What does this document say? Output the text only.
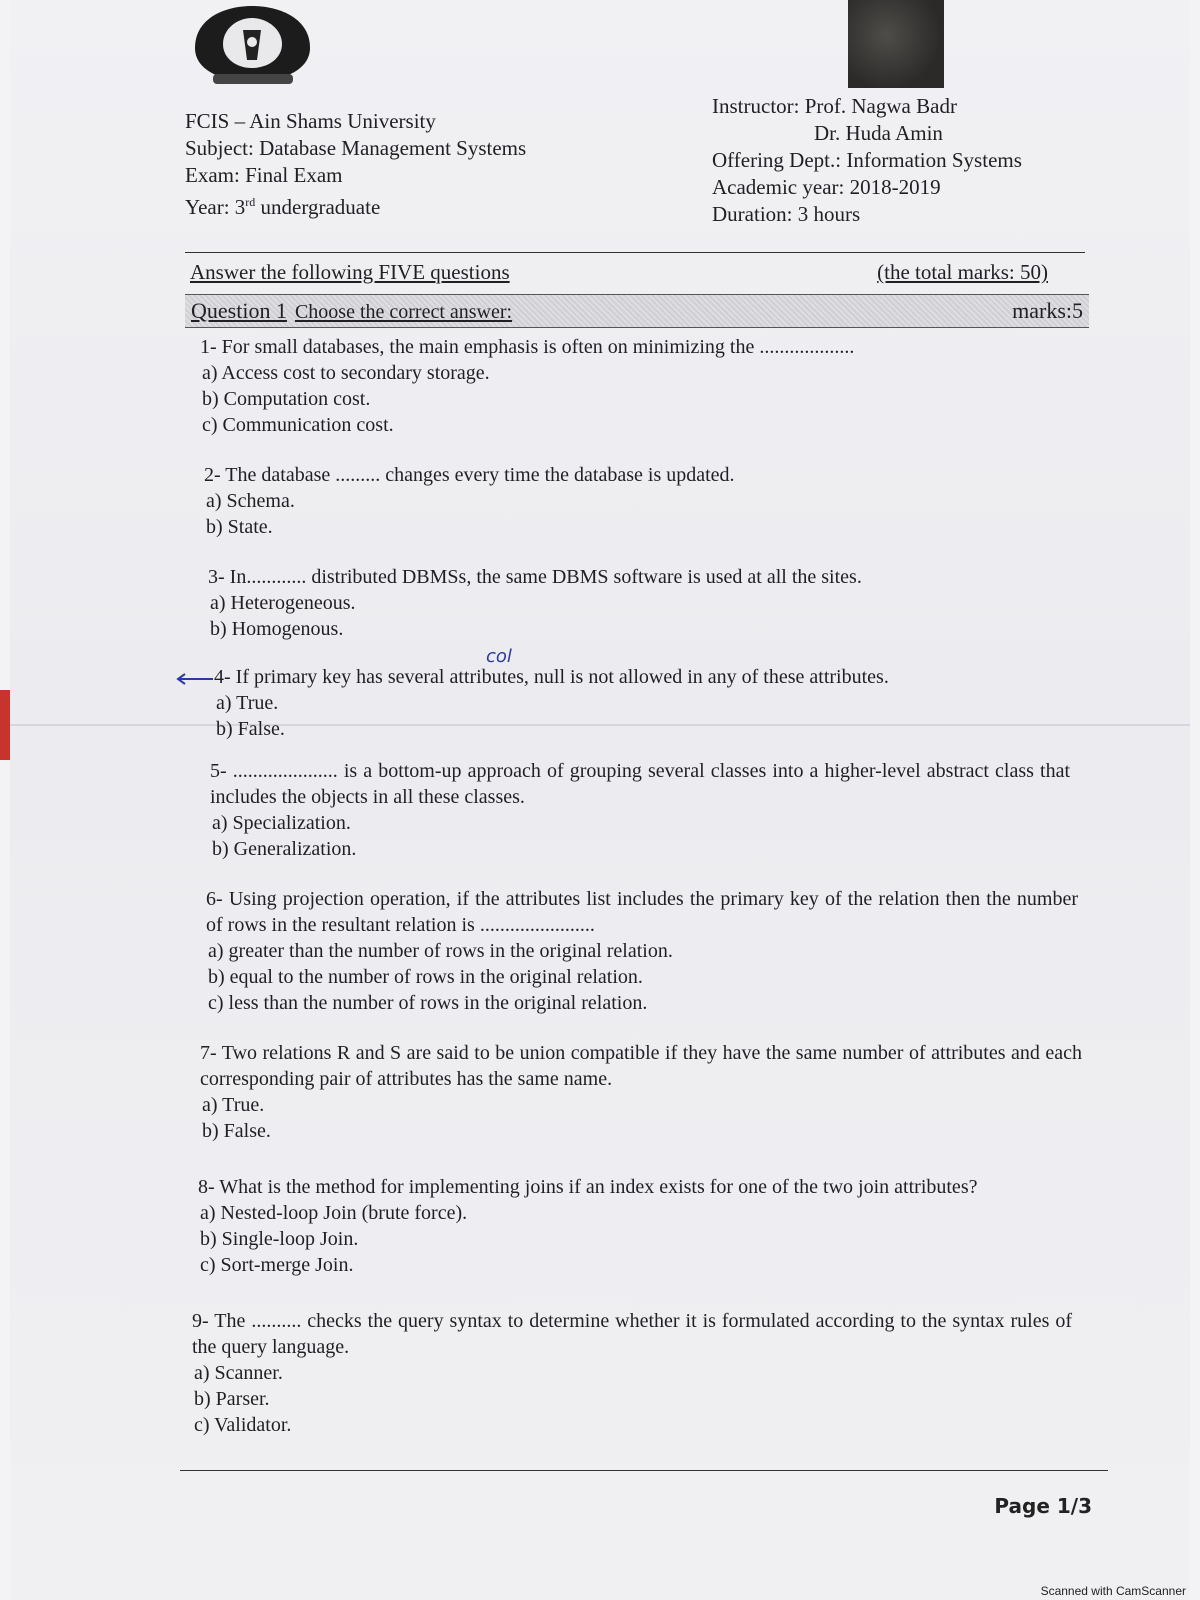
FCIS – Ain Shams University
Subject: Database Management Systems
Exam: Final Exam
Year: 3rd undergraduate
Instructor: Prof. Nagwa Badr
Dr. Huda Amin
Offering Dept.: Information Systems
Academic year: 2018-2019
Duration: 3 hours
Answer the following FIVE questions	(the total marks: 50)
Question 1 Choose the correct answer:	marks:5
1- For small databases, the main emphasis is often on minimizing the ...................
a) Access cost to secondary storage.
b) Computation cost.
c) Communication cost.
2- The database ......... changes every time the database is updated.
a) Schema.
b) State.
3- In............ distributed DBMSs, the same DBMS software is used at all the sites.
a) Heterogeneous.
b) Homogenous.
col
4- If primary key has several attributes, null is not allowed in any of these attributes.
a) True.
b) False.
5- ..................... is a bottom-up approach of grouping several classes into a higher-level abstract class that includes the objects in all these classes.
a) Specialization.
b) Generalization.
6- Using projection operation, if the attributes list includes the primary key of the relation then the number of rows in the resultant relation is .......................
a) greater than the number of rows in the original relation.
b) equal to the number of rows in the original relation.
c) less than the number of rows in the original relation.
7- Two relations R and S are said to be union compatible if they have the same number of attributes and each corresponding pair of attributes has the same name.
a) True.
b) False.
8- What is the method for implementing joins if an index exists for one of the two join attributes?
a) Nested-loop Join (brute force).
b) Single-loop Join.
c) Sort-merge Join.
9- The .......... checks the query syntax to determine whether it is formulated according to the syntax rules of the query language.
a) Scanner.
b) Parser.
c) Validator.
Page 1/3
Scanned with CamScanner
